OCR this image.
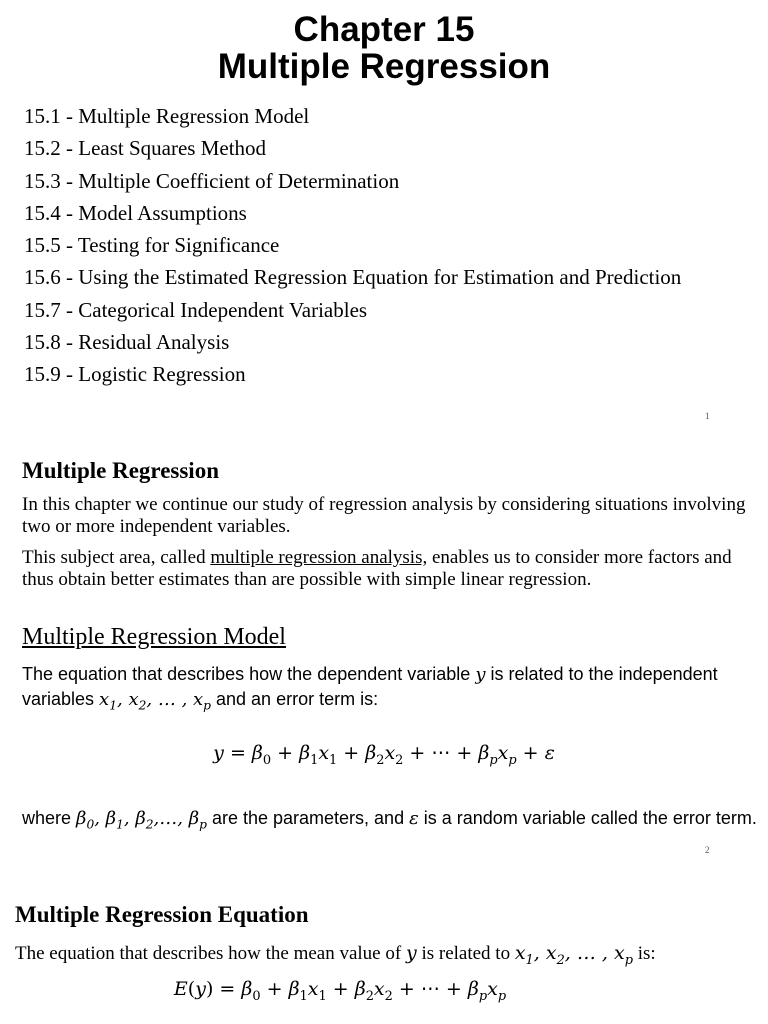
Chapter 15
Multiple Regression
15.1 - Multiple Regression Model
15.2 - Least Squares Method
15.3 - Multiple Coefficient of Determination
15.4 - Model Assumptions
15.5 - Testing for Significance
15.6 - Using the Estimated Regression Equation for Estimation and Prediction
15.7 - Categorical Independent Variables
15.8 - Residual Analysis
15.9 - Logistic Regression
1
Multiple Regression

In this chapter we continue our study of regression analysis by considering situations involving two or more independent variables.

This subject area, called multiple regression analysis, enables us to consider more factors and thus obtain better estimates than are possible with simple linear regression.

Multiple Regression Model

The equation that describes how the dependent variable y is related to the independent variables $x_1$, $x_2$, … , $x_p$ and an error term is:

$y = \beta_0 + \beta_1x_1 + \beta_2x_2$ + ⋯ + $\beta_px_p + \varepsilon$

where $\beta_0$, $\beta_1$, $\beta_2,\dots$, $\beta_p$ are the parameters, and ε is a random variable called the error term.

2
Multiple Regression Equation

The equation that describes how the mean value of y is related to $x_1$, $x_2$, … , $x_p$ is:

$E(y) = \beta_0 + \beta_1x_1 + \beta_2x_2$ + ⋯ + $\beta_px_p$
